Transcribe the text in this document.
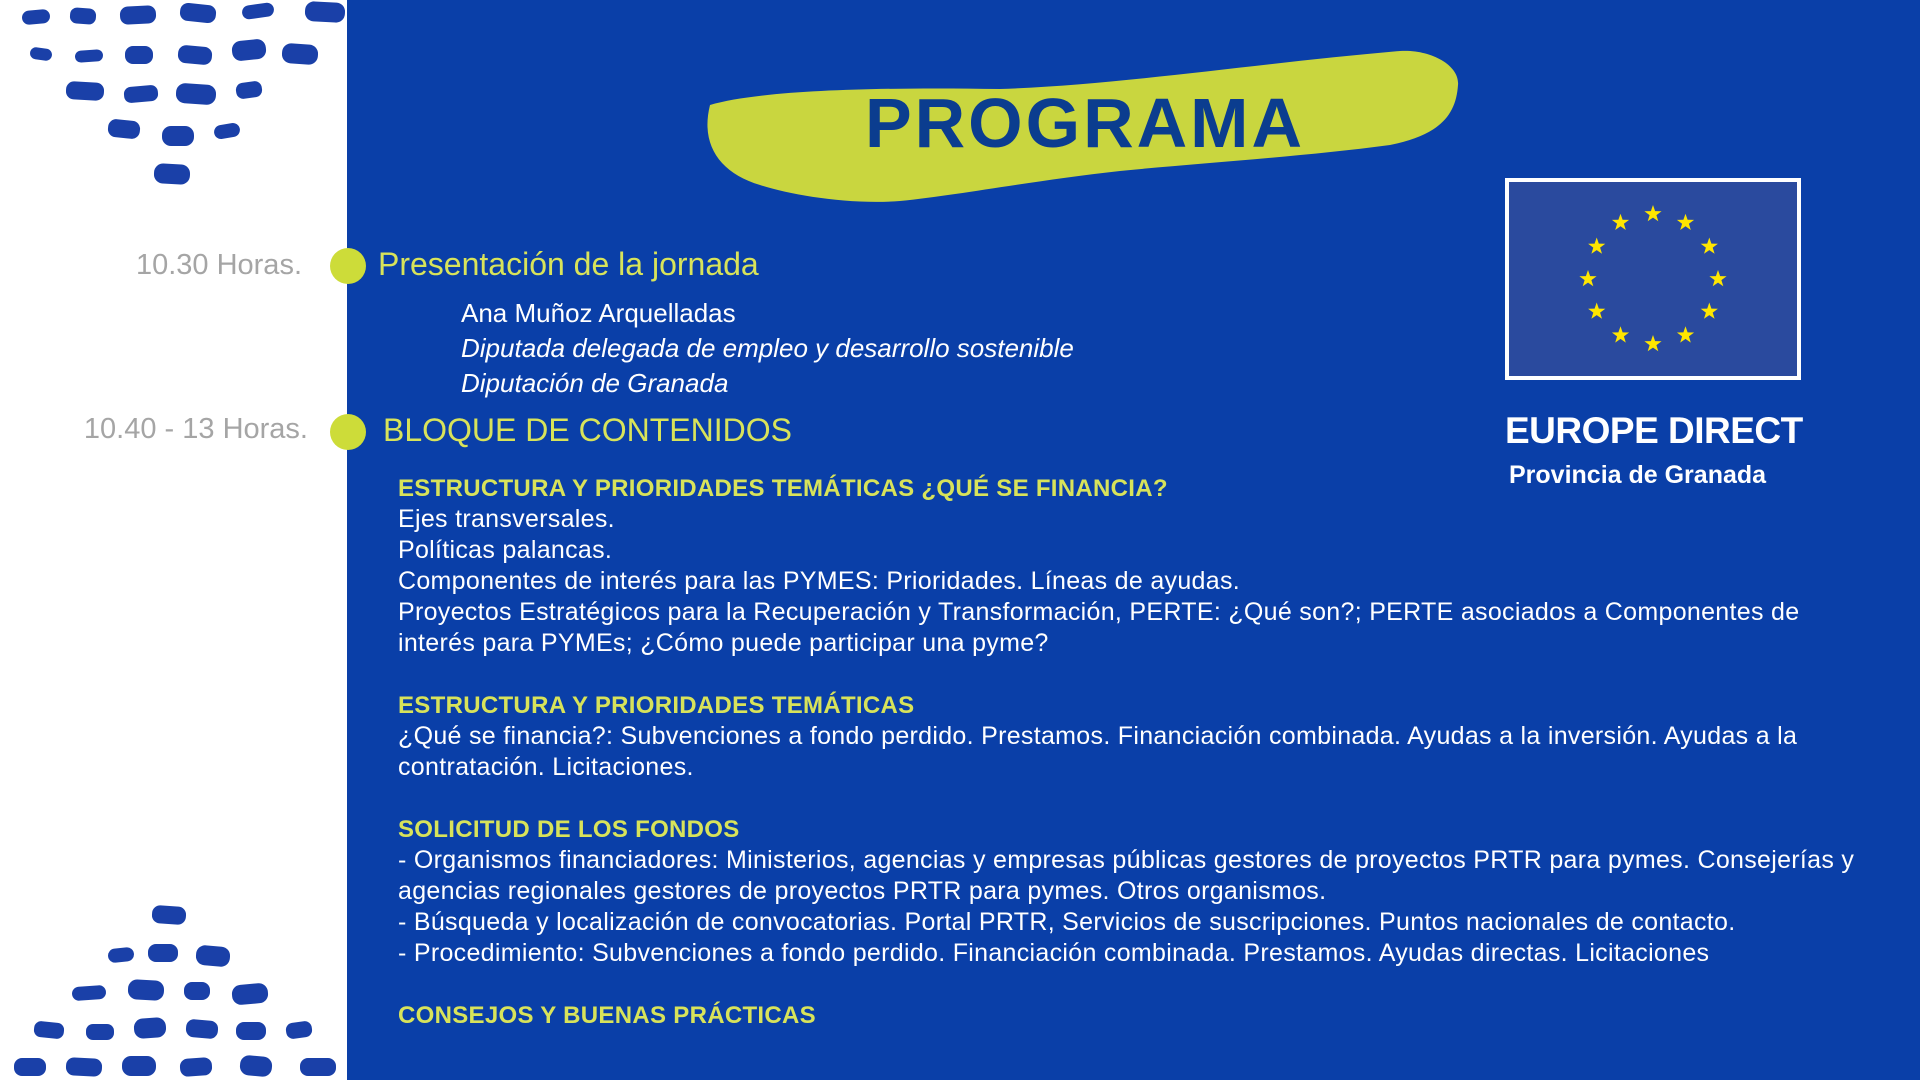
PROGRAMA
10.30 Horas. Presentación de la jornada
Ana Muñoz Arquelladas
Diputada delegada de empleo y desarrollo sostenible
Diputación de Granada
10.40 - 13 Horas. BLOQUE DE CONTENIDOS

ESTRUCTURA Y PRIORIDADES TEMÁTICAS ¿QUÉ SE FINANCIA?

Ejes transversales.

Políticas palancas.

Componentes de interés para las PYMES: Prioridades. Líneas de ayudas.

Proyectos Estratégicos para la Recuperación y Transformación, PERTE: ¿Qué son?; PERTE asociados a Componentes de interés para PYMEs; ¿Cómo puede participar una pyme?

ESTRUCTURA Y PRIORIDADES TEMÁTICAS

¿Qué se financia?: Subvenciones a fondo perdido. Prestamos. Financiación combinada. Ayudas a la inversión. Ayudas a la contratación. Licitaciones.

SOLICITUD DE LOS FONDOS

- Organismos financiadores: Ministerios, agencias y empresas públicas gestores de proyectos PRTR para pymes. Consejerías y agencias regionales gestores de proyectos PRTR para pymes. Otros organismos.

- Búsqueda y localización de convocatorias. Portal PRTR, Servicios de suscripciones. Puntos nacionales de contacto.

- Procedimiento: Subvenciones a fondo perdido. Financiación combinada. Prestamos. Ayudas directas. Licitaciones

CONSEJOS Y BUENAS PRÁCTICAS

EUROPE DIRECT
Provincia de Granada
